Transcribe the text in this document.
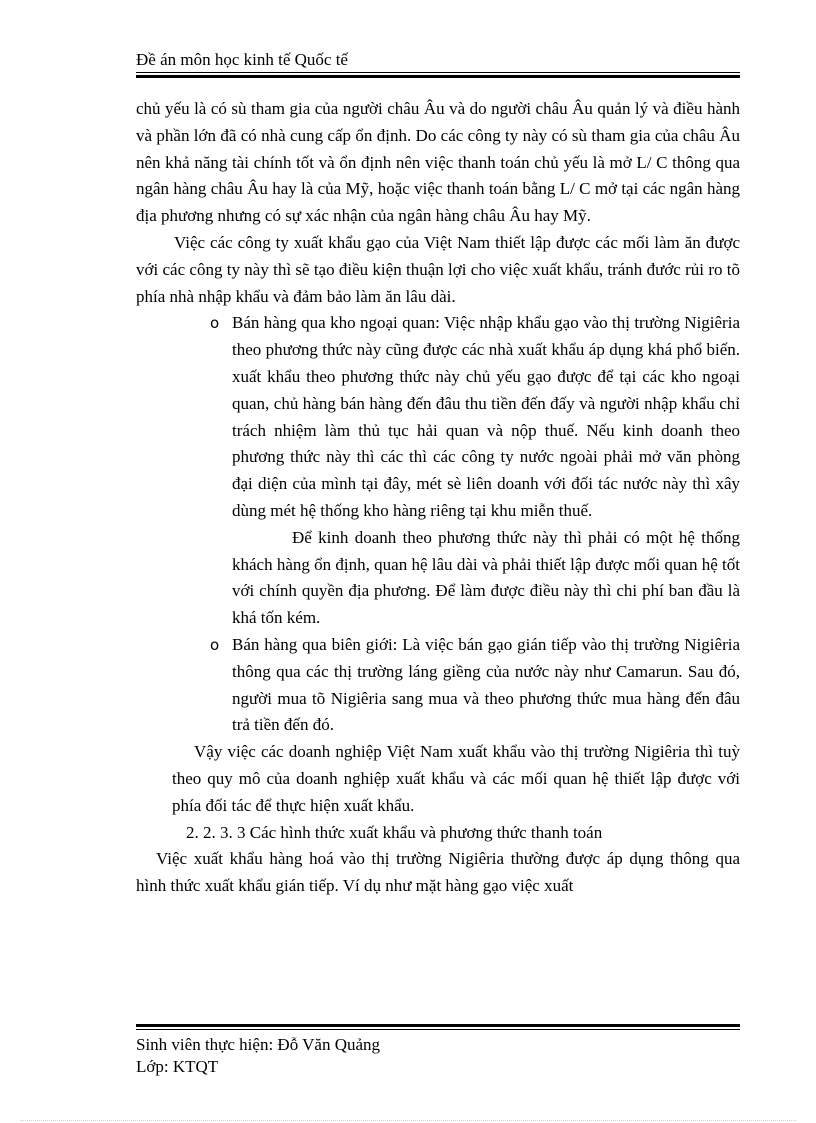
Đề án môn học kinh tế Quốc tế

chủ yếu là có sù tham gia của người châu Âu và do người châu Âu quản lý và điều hành và phần lớn đã có nhà cung cấp ổn định. Do các công ty này có sù tham gia của châu Âu nên khả năng tài chính tốt và ổn định nên việc thanh toán chủ yếu là mở L/ C thông qua ngân hàng châu Âu hay là của Mỹ, hoặc việc thanh toán bằng L/ C mở tại các ngân hàng địa phương nhưng có sự xác nhận của ngân hàng châu Âu hay Mỹ.

Việc các công ty xuất khẩu gạo của Việt Nam thiết lập được các mối làm ăn được với các công ty này thì sẽ tạo điều kiện thuận lợi cho việc xuất khẩu, tránh đước rủi ro tõ phía nhà nhập khẩu và đảm bảo làm ăn lâu dài.

o Bán hàng qua kho ngoại quan: Việc nhập khẩu gạo vào thị trường Nigiêria theo phương thức này cũng được các nhà xuất khẩu áp dụng khá phổ biến. xuất khẩu theo phương thức này chủ yếu gạo được để tại các kho ngoại quan, chủ hàng bán hàng đến đâu thu tiền đến đấy và người nhập khẩu chỉ trách nhiệm làm thủ tục hải quan và nộp thuế. Nếu kinh doanh theo phương thức này thì các thì các công ty nước ngoài phải mở văn phòng đại diện của mình tại đây, mét sè liên doanh với đối tác nước này thì xây dùng mét hệ thống kho hàng riêng tại khu miễn thuế.

Để kinh doanh theo phương thức này thì phải có một hệ thống khách hàng ổn định, quan hệ lâu dài và phải thiết lập được mối quan hệ tốt với chính quyền địa phương. Để làm được điều này thì chi phí ban đầu là khá tốn kém.

o Bán hàng qua biên giới: Là việc bán gạo gián tiếp vào thị trường Nigiêria thông qua các thị trường láng giềng của nước này như Camarun. Sau đó, người mua tõ Nigiêria sang mua và theo phương thức mua hàng đến đâu trả tiền đến đó.

Vậy việc các doanh nghiệp Việt Nam xuất khẩu vào thị trường Nigiêria thì tuỳ theo quy mô của doanh nghiệp xuất khẩu và các mối quan hệ thiết lập được với phía đối tác để thực hiện xuất khẩu.

2. 2. 3. 3 Các hình thức xuất khẩu và phương thức thanh toán

Việc xuất khẩu hàng hoá vào thị trường Nigiêria thường được áp dụng thông qua hình thức xuất khẩu gián tiếp. Ví dụ như mặt hàng gạo việc xuất

Sinh viên thực hiện: Đỗ Văn Quảng
Lớp: KTQT
